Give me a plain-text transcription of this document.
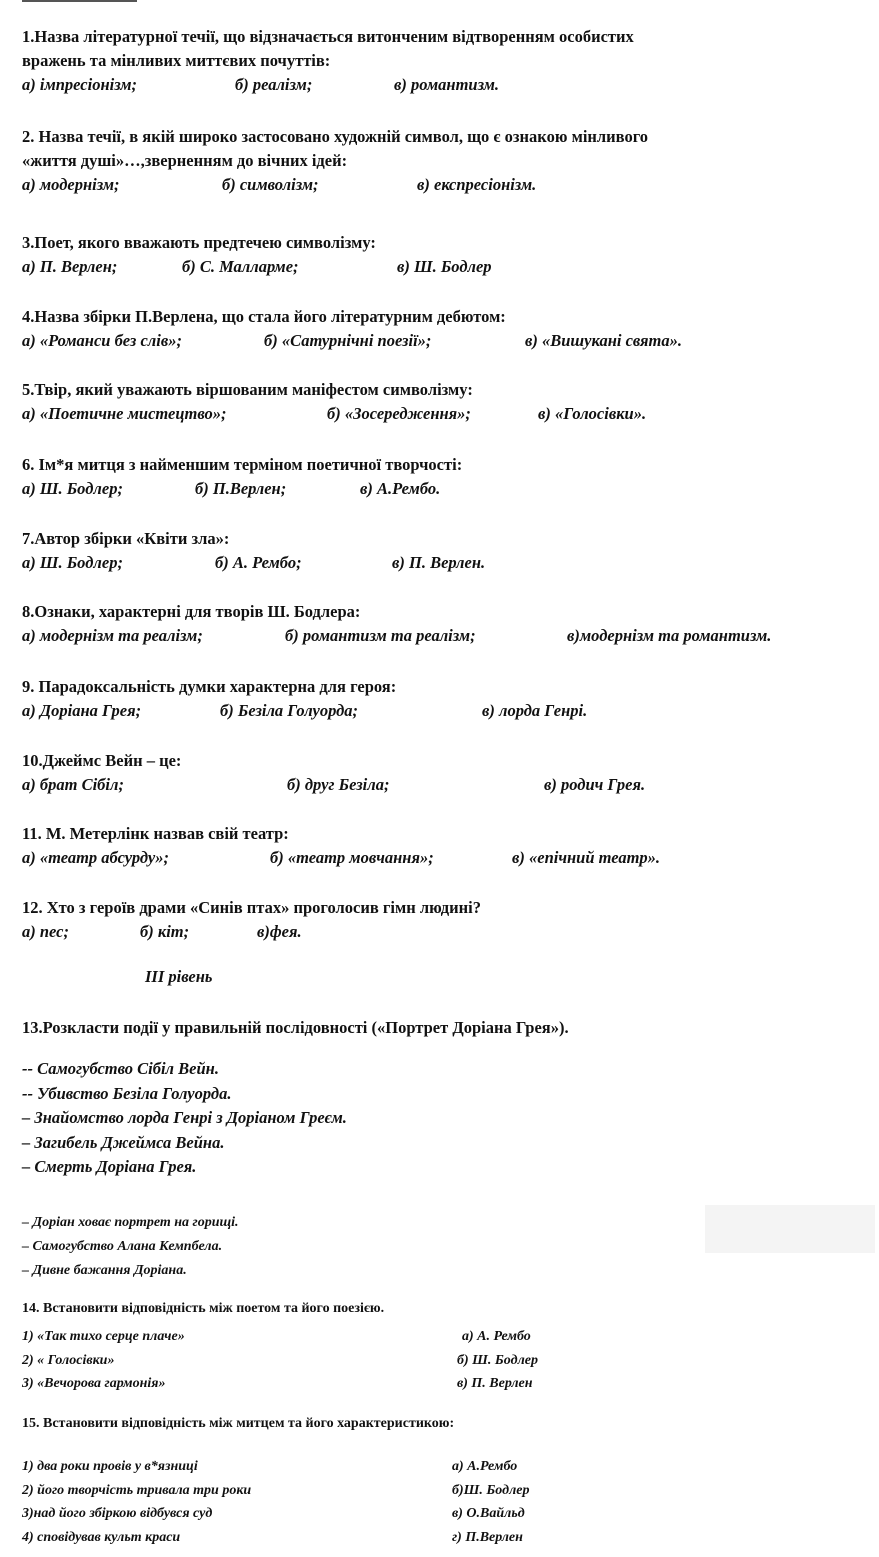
1.Назва літературної течії, що відзначається витонченим відтворенням особистих
вражень та мінливих миттєвих почуттів:
а) імпресіонізм;	б) реалізм;	в) романтизм.
2. Назва течії, в якій широко застосовано художній символ, що є ознакою мінливого
«життя душі»…,зверненням до вічних ідей:
а) модернізм;	б) символізм;	в) експресіонізм.
3.Поет, якого вважають предтечею символізму:
а) П. Верлен;	б) С. Малларме;	в) Ш. Бодлер
4.Назва збірки П.Верлена, що стала його літературним дебютом:
а) «Романси без слів»;	б) «Сатурнічні поезії»;	в) «Вишукані свята».
5.Твір, який уважають віршованим маніфестом символізму:
а) «Поетичне мистецтво»;	б) «Зосередження»;	в) «Голосівки».
6. Ім*я митця з найменшим терміном поетичної творчості:
а) Ш. Бодлер;	б) П.Верлен;	в) А.Рембо.
7.Автор збірки «Квіти зла»:
а) Ш. Бодлер;	б) А. Рембо;	в) П. Верлен.
8.Ознаки, характерні для творів Ш. Бодлера:
а) модернізм та реалізм;	б) романтизм та реалізм;	в)модернізм та романтизм.
9. Парадоксальність думки характерна для героя:
а) Доріана Грея;	б) Безіла Голуорда;	в) лорда Генрі.
10.Джеймс Вейн – це:
а) брат Сібіл;	б) друг Безіла;	в) родич Грея.
11. М. Метерлінк назвав свій театр:
а) «театр абсурду»;	б) «театр мовчання»;	в) «епічний театр».
12. Хто з героїв драми «Синів птах» проголосив гімн людині?
а) пес;	б) кіт;	в)фея.
ІІІ рівень
13.Розкласти події у правильній послідовності («Портрет Доріана Грея»).
-- Самогубство Сібіл Вейн.
-- Убивство Безіла Голуорда.
– Знайомство лорда Генрі з Доріаном Греєм.
– Загибель Джеймса Вейна.
– Смерть Доріана Грея.
– Доріан ховає портрет на горищі.
– Самогубство Алана Кемпбела.
– Дивне бажання Доріана.
14. Встановити відповідність між поетом та його поезією.
1) «Так тихо серце плаче»	а) А. Рембо
2) « Голосівки»	б) Ш. Бодлер
3) «Вечорова гармонія»	в) П. Верлен
15. Встановити відповідність між митцем та його характеристикою:
1) два роки провів у в*язниці	а) А.Рембо
2) його творчість тривала три роки	б)Ш. Бодлер
3)над його збіркою відбувся суд	в) О.Вайльд
4) сповідував культ краси	г) П.Верлен
